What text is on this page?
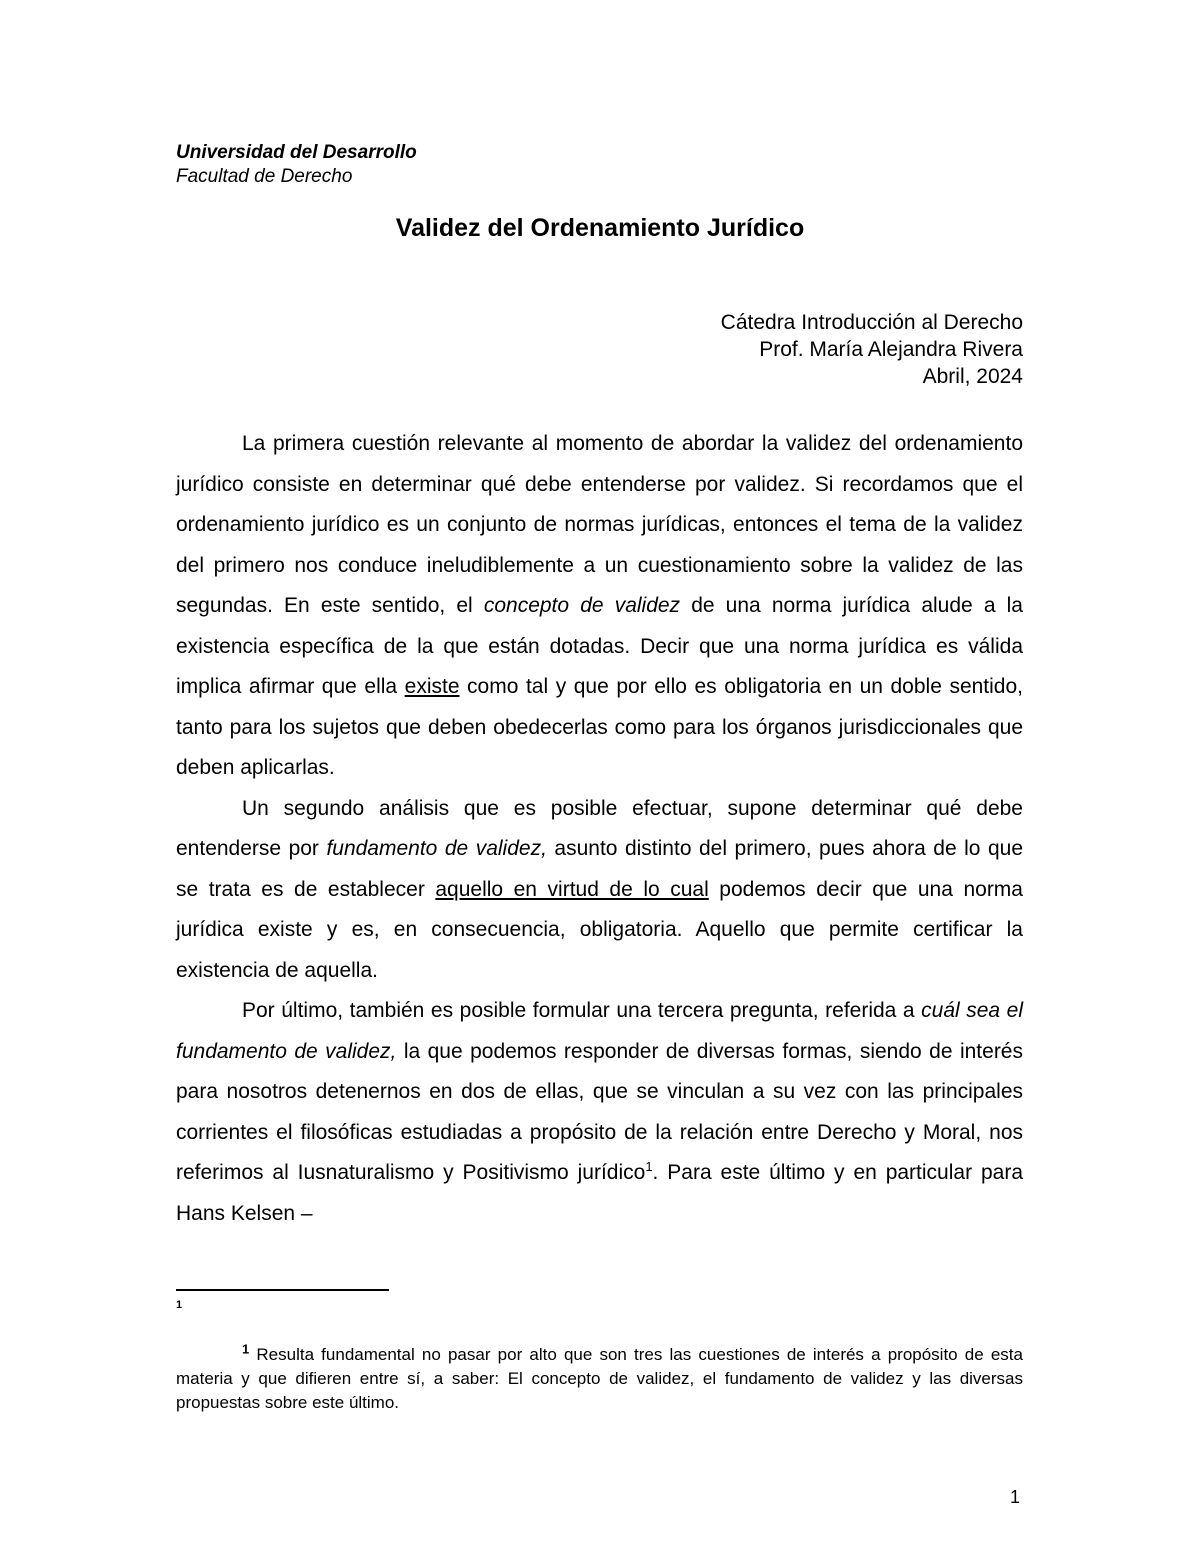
Universidad del Desarrollo
Facultad de Derecho
Validez del Ordenamiento Jurídico
Cátedra Introducción al Derecho
Prof. María Alejandra Rivera
Abril, 2024

La primera cuestión relevante al momento de abordar la validez del ordenamiento jurídico consiste en determinar qué debe entenderse por validez. Si recordamos que el ordenamiento jurídico es un conjunto de normas jurídicas, entonces el tema de la validez del primero nos conduce ineludiblemente a un cuestionamiento sobre la validez de las segundas. En este sentido, el concepto de validez de una norma jurídica alude a la existencia específica de la que están dotadas. Decir que una norma jurídica es válida implica afirmar que ella existe como tal y que por ello es obligatoria en un doble sentido, tanto para los sujetos que deben obedecerlas como para los órganos jurisdiccionales que deben aplicarlas.

Un segundo análisis que es posible efectuar, supone determinar qué debe entenderse por fundamento de validez, asunto distinto del primero, pues ahora de lo que se trata es de establecer aquello en virtud de lo cual podemos decir que una norma jurídica existe y es, en consecuencia, obligatoria. Aquello que permite certificar la existencia de aquella.

Por último, también es posible formular una tercera pregunta, referida a cuál sea el fundamento de validez, la que podemos responder de diversas formas, siendo de interés para nosotros detenernos en dos de ellas, que se vinculan a su vez con las principales corrientes el filosóficas estudiadas a propósito de la relación entre Derecho y Moral, nos referimos al Iusnaturalismo y Positivismo jurídico$^1$. Para este último y en particular para Hans Kelsen –

1

$^1$ Resulta fundamental no pasar por alto que son tres las cuestiones de interés a propósito de esta materia y que difieren entre sí, a saber: El concepto de validez, el fundamento de validez y las diversas propuestas sobre este último.

1
